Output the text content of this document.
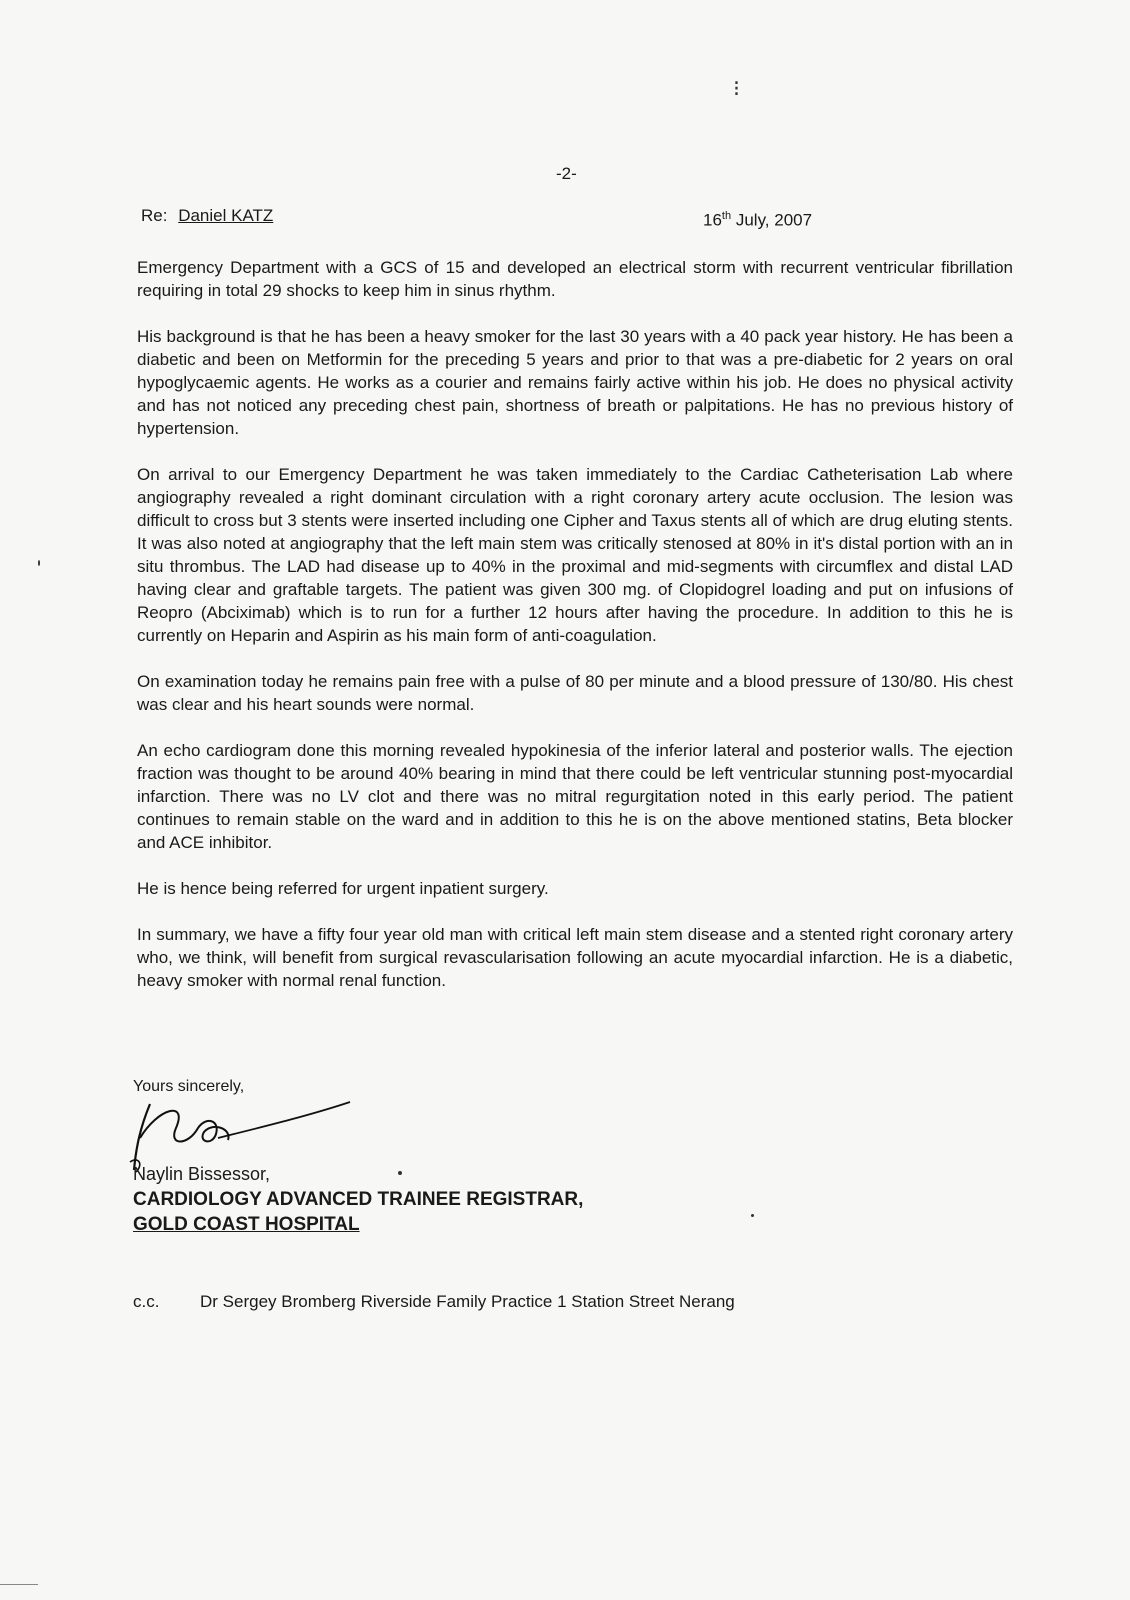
⁝
-2-
Re: Daniel KATZ	16th July, 2007

Emergency Department with a GCS of 15 and developed an electrical storm with recurrent ventricular fibrillation requiring in total 29 shocks to keep him in sinus rhythm.

His background is that he has been a heavy smoker for the last 30 years with a 40 pack year history. He has been a diabetic and been on Metformin for the preceding 5 years and prior to that was a pre-diabetic for 2 years on oral hypoglycaemic agents. He works as a courier and remains fairly active within his job. He does no physical activity and has not noticed any preceding chest pain, shortness of breath or palpitations. He has no previous history of hypertension.

On arrival to our Emergency Department he was taken immediately to the Cardiac Catheterisation Lab where angiography revealed a right dominant circulation with a right coronary artery acute occlusion. The lesion was difficult to cross but 3 stents were inserted including one Cipher and Taxus stents all of which are drug eluting stents. It was also noted at angiography that the left main stem was critically stenosed at 80% in it's distal portion with an in situ thrombus. The LAD had disease up to 40% in the proximal and mid-segments with circumflex and distal LAD having clear and graftable targets. The patient was given 300 mg. of Clopidogrel loading and put on infusions of Reopro (Abciximab) which is to run for a further 12 hours after having the procedure. In addition to this he is currently on Heparin and Aspirin as his main form of anti-coagulation.

On examination today he remains pain free with a pulse of 80 per minute and a blood pressure of 130/80. His chest was clear and his heart sounds were normal.

An echo cardiogram done this morning revealed hypokinesia of the inferior lateral and posterior walls. The ejection fraction was thought to be around 40% bearing in mind that there could be left ventricular stunning post-myocardial infarction. There was no LV clot and there was no mitral regurgitation noted in this early period. The patient continues to remain stable on the ward and in addition to this he is on the above mentioned statins, Beta blocker and ACE inhibitor.

He is hence being referred for urgent inpatient surgery.

In summary, we have a fifty four year old man with critical left main stem disease and a stented right coronary artery who, we think, will benefit from surgical revascularisation following an acute myocardial infarction. He is a diabetic, heavy smoker with normal renal function.

Yours sincerely,
Naylin Bissessor,
CARDIOLOGY ADVANCED TRAINEE REGISTRAR,
GOLD COAST HOSPITAL
c.c. Dr Sergey Bromberg Riverside Family Practice 1 Station Street Nerang
